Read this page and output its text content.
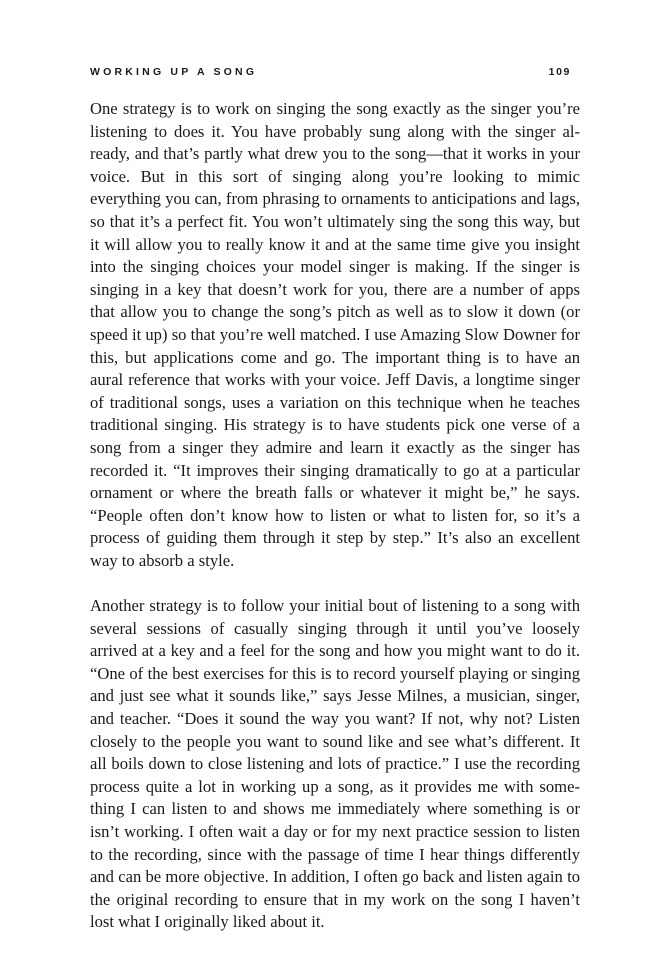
WORKING UP A SONG	109

One strategy is to work on singing the song exactly as the singer you’re listening to does it. You have probably sung along with the singer already, and that’s partly what drew you to the song—that it works in your voice. But in this sort of singing along you’re looking to mimic everything you can, from phrasing to ornaments to anticipations and lags, so that it’s a perfect fit. You won’t ultimately sing the song this way, but it will allow you to really know it and at the same time give you insight into the singing choices your model singer is making. If the singer is singing in a key that doesn’t work for you, there are a number of apps that allow you to change the song’s pitch as well as to slow it down (or speed it up) so that you’re well matched. I use Amazing Slow Downer for this, but applications come and go. The important thing is to have an aural reference that works with your voice. Jeff Davis, a longtime singer of traditional songs, uses a variation on this technique when he teaches traditional singing. His strategy is to have students pick one verse of a song from a singer they admire and learn it exactly as the singer has recorded it. “It improves their singing dramatically to go at a particular ornament or where the breath falls or whatever it might be,” he says. “People often don’t know how to listen or what to listen for, so it’s a process of guiding them through it step by step.” It’s also an excellent way to absorb a style.

Another strategy is to follow your initial bout of listening to a song with several sessions of casually singing through it until you’ve loosely arrived at a key and a feel for the song and how you might want to do it. “One of the best exercises for this is to record yourself playing or singing and just see what it sounds like,” says Jesse Milnes, a musician, singer, and teacher. “Does it sound the way you want? If not, why not? Listen closely to the people you want to sound like and see what’s different. It all boils down to close listening and lots of practice.” I use the recording process quite a lot in working up a song, as it provides me with something I can listen to and shows me immediately where something is or isn’t working. I often wait a day or for my next practice session to listen to the recording, since with the passage of time I hear things differently and can be more objective. In addition, I often go back and listen again to the original recording to ensure that in my work on the song I haven’t lost what I originally liked about it.
